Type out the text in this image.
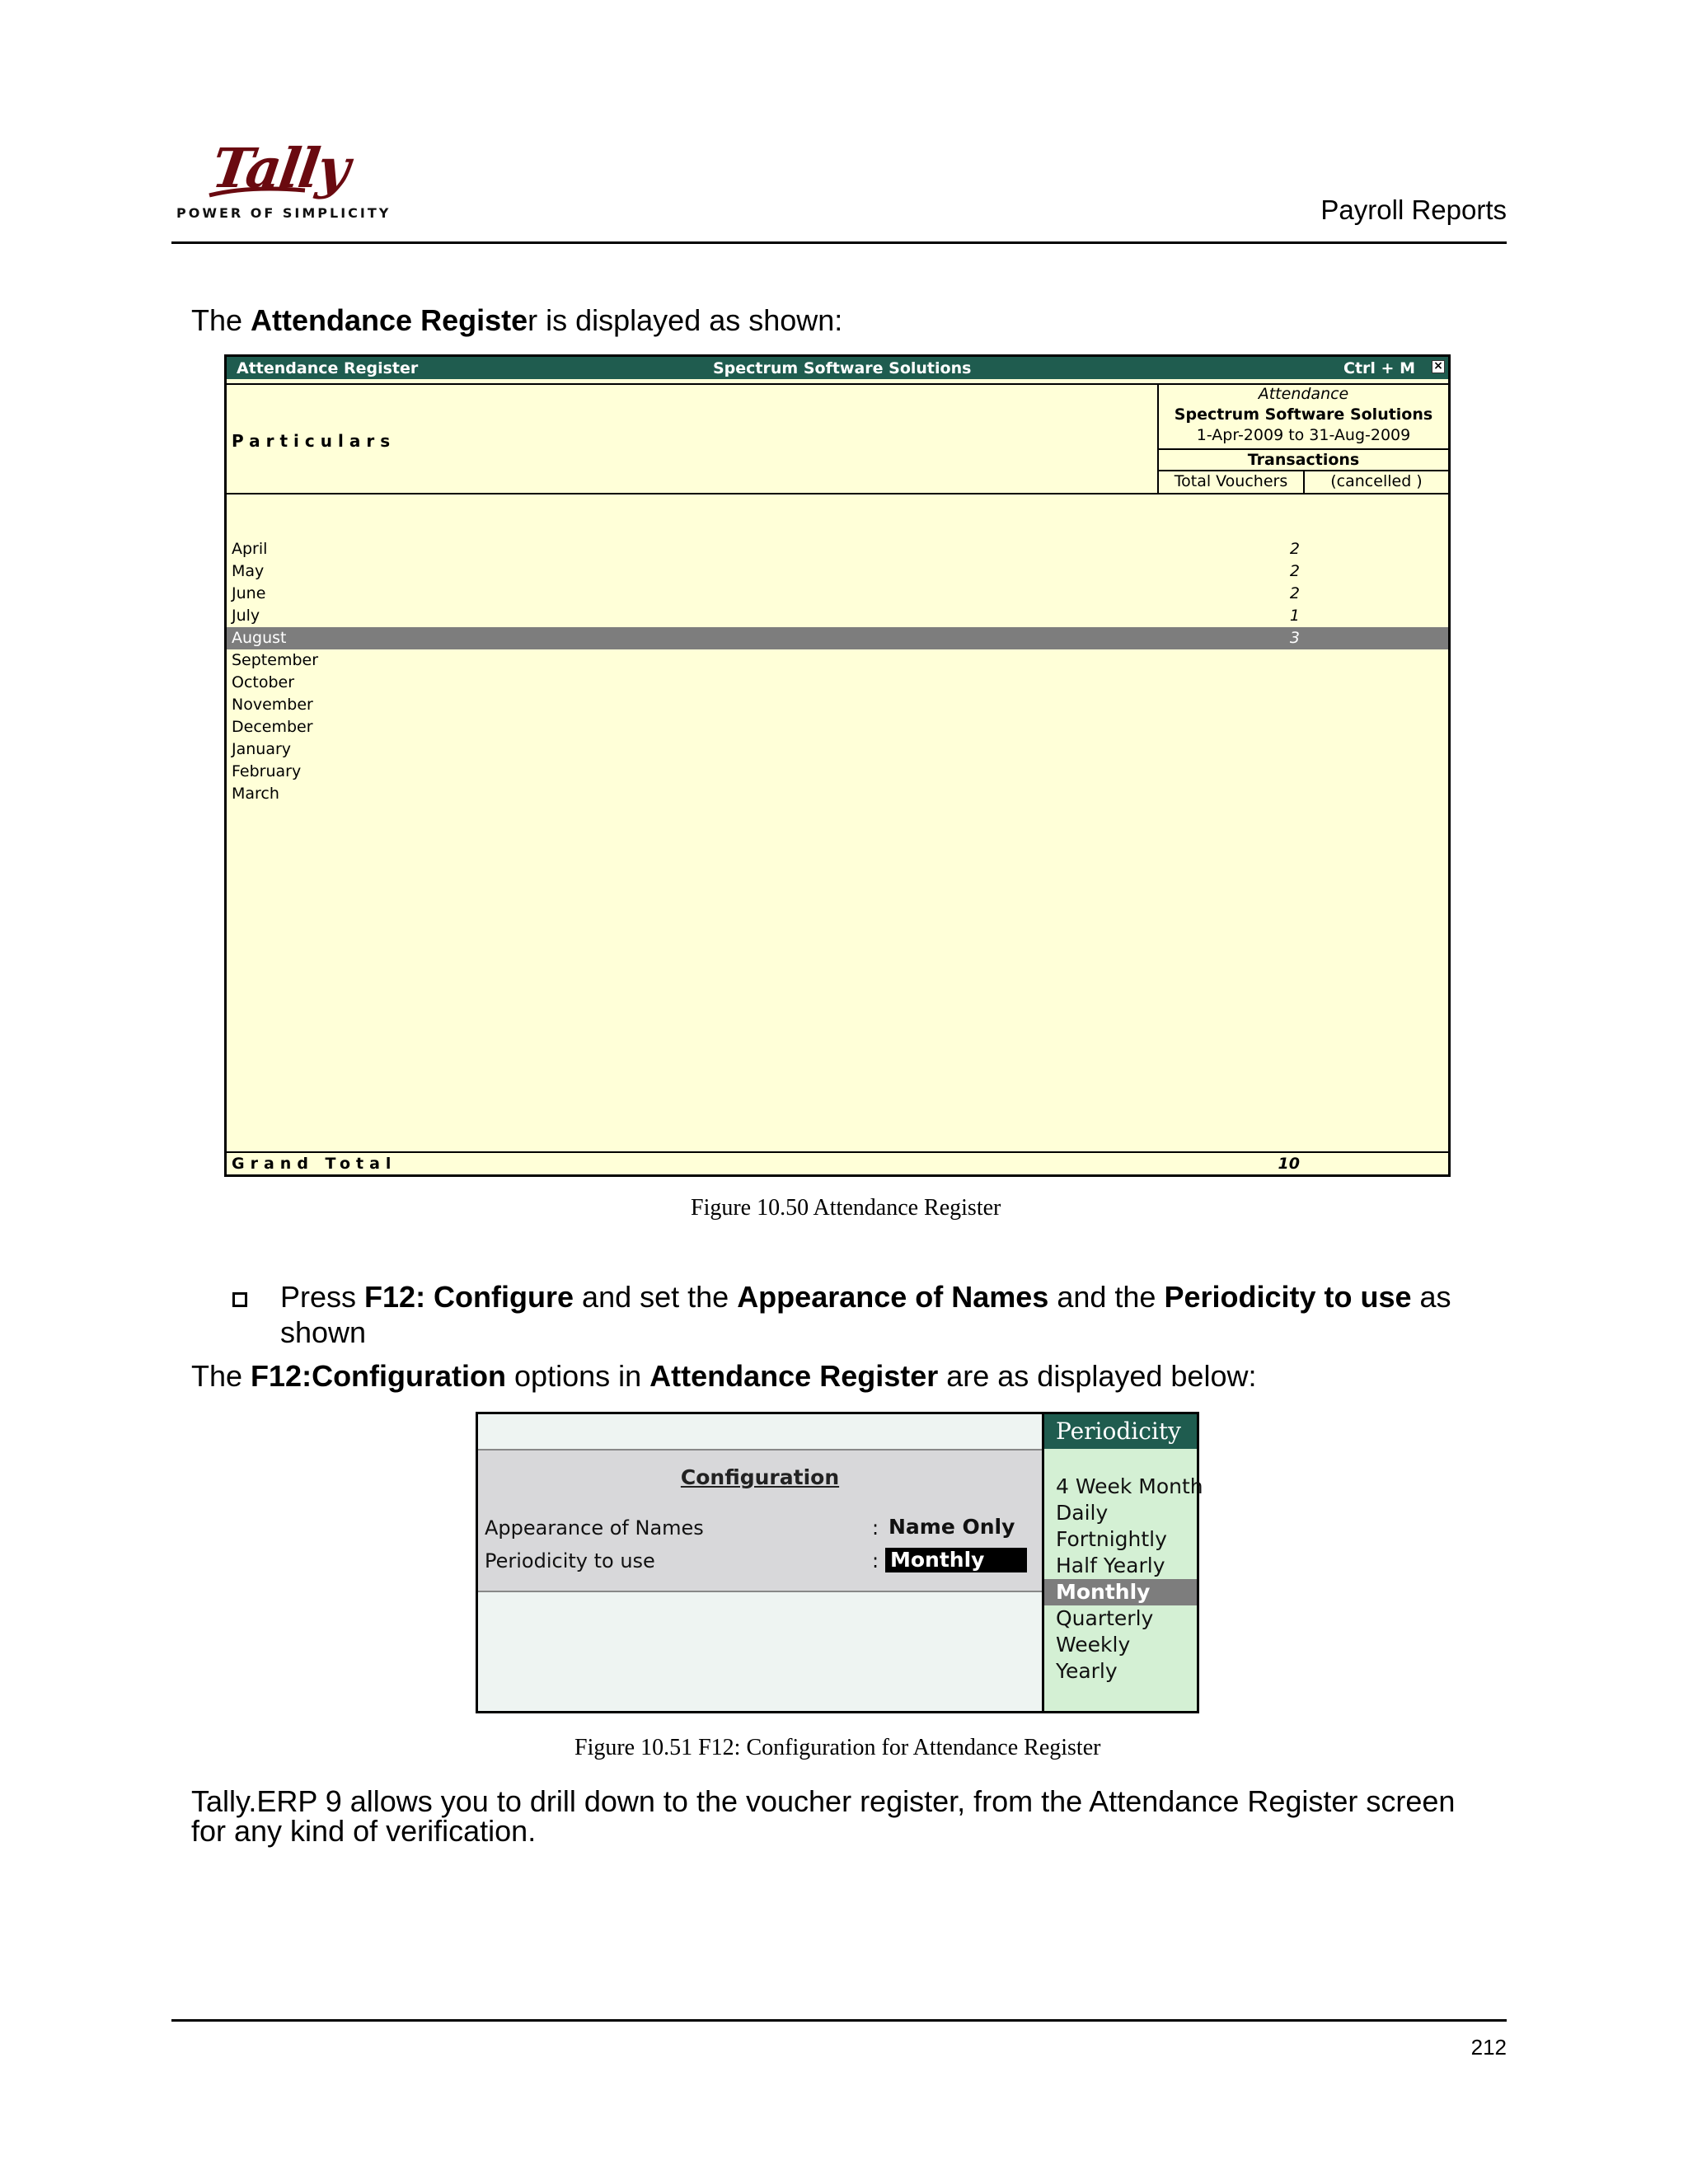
Tally
POWER OF SIMPLICITY	Payroll Reports
The Attendance Register is displayed as shown:
Attendance Register	Spectrum Software Solutions	Ctrl + M ×
Particulars
Attendance
Spectrum Software Solutions
1-Apr-2009 to 31-Aug-2009
Transactions
Total Vouchers	(cancelled )
April	2
May	2
June	2
July	1
August	3
September
October
November
December
January
February
March
Grand Total	10
Figure 10.50 Attendance Register
Press F12: Configure and set the Appearance of Names and the Periodicity to use as
shown
The F12:Configuration options in Attendance Register are as displayed below:
Configuration
Appearance of Names	: Name Only
Periodicity to use	: Monthly
Periodicity
4 Week Month
Daily
Fortnightly
Half Yearly
Monthly
Quarterly
Weekly
Yearly
Figure 10.51 F12: Configuration for Attendance Register
Tally.ERP 9 allows you to drill down to the voucher register, from the Attendance Register screen
for any kind of verification.
212
